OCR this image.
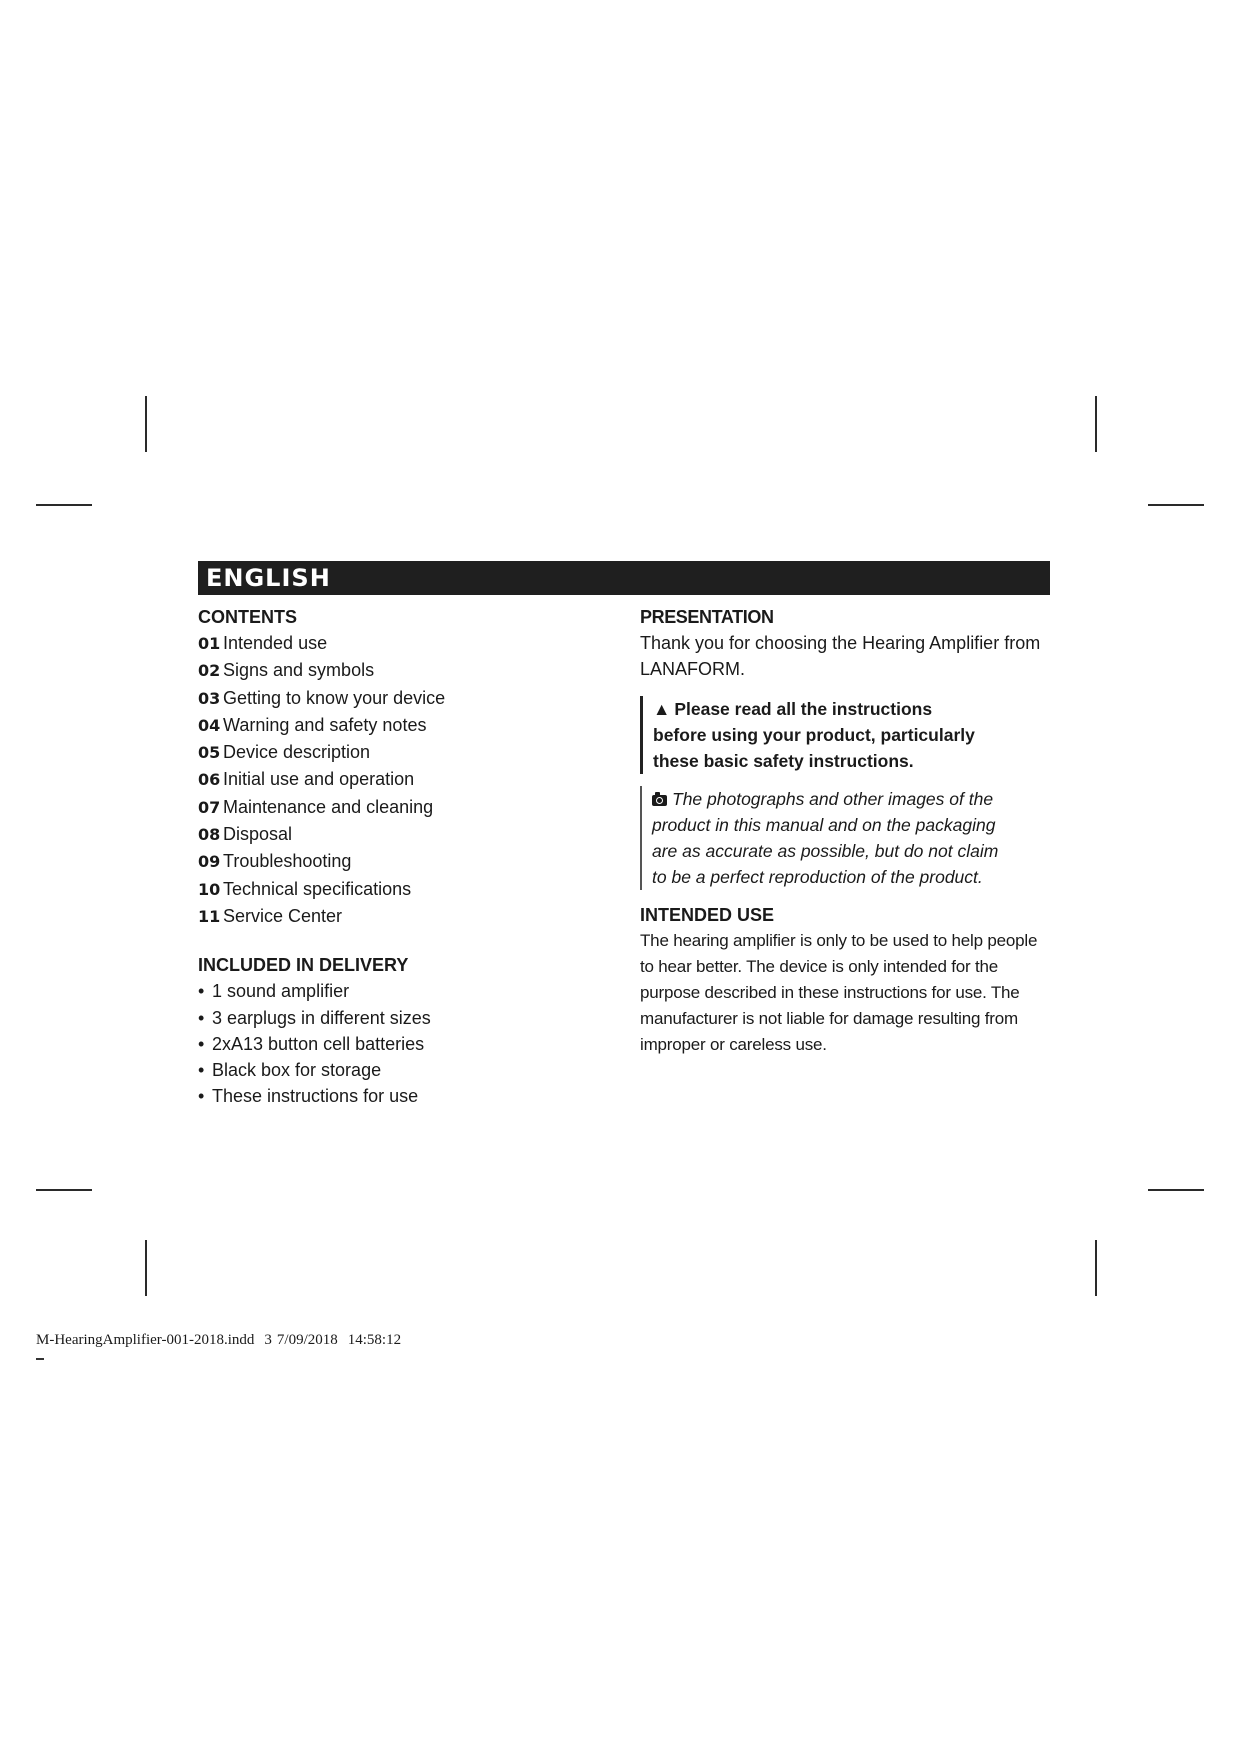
ENGLISH
CONTENTS
01 Intended use
02 Signs and symbols
03 Getting to know your device
04 Warning and safety notes
05 Device description
06 Initial use and operation
07 Maintenance and cleaning
08 Disposal
09 Troubleshooting
10 Technical specifications
11 Service Center
INCLUDED IN DELIVERY
• 1 sound amplifier
• 3 earplugs in different sizes
• 2xA13 button cell batteries
• Black box for storage
• These instructions for use
PRESENTATION

Thank you for choosing the Hearing Amplifier from
LANAFORM.

▲ Please read all the instructions
before using your product, particularly
these basic safety instructions.
The photographs and other images of the
product in this manual and on the packaging
are as accurate as possible, but do not claim
to be a perfect reproduction of the product.
INTENDED USE

The hearing amplifier is only to be used to help people
to hear better. The device is only intended for the
purpose described in these instructions for use. The
manufacturer is not liable for damage resulting from
improper or careless use.

M-HearingAmplifier-001-2018.indd 3 7/09/2018 14:58:12
